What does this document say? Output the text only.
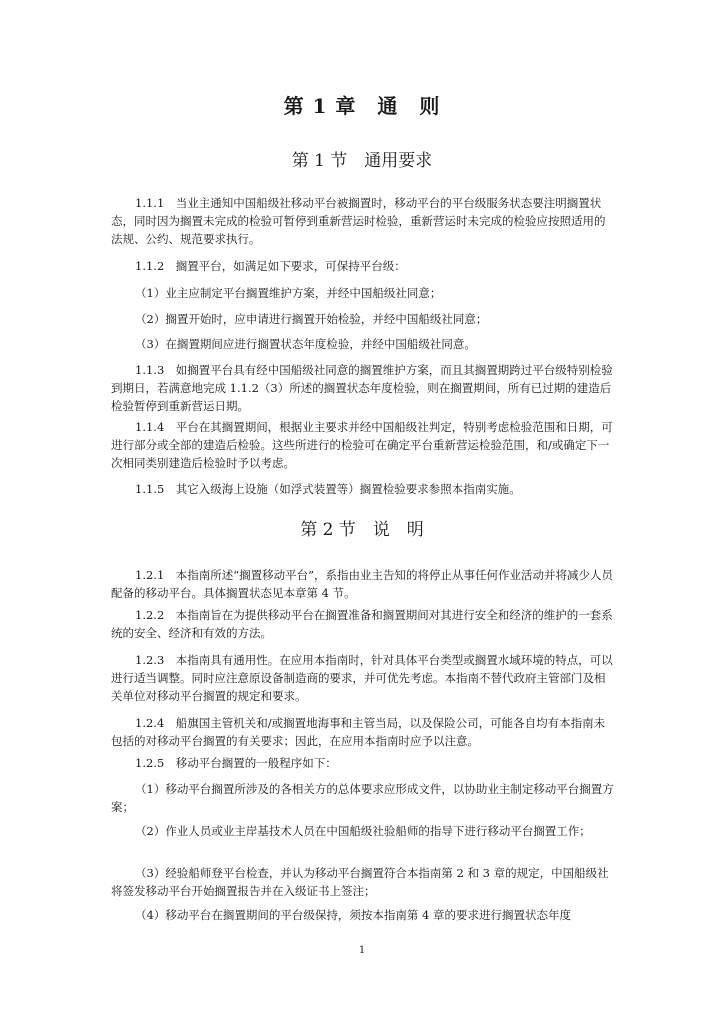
第 1 章　通　则
第 1 节　通用要求

1.1.1　当业主通知中国船级社移动平台被搁置时，移动平台的平台级服务状态要注明搁置状态，同时因为搁置未完成的检验可暂停到重新营运时检验，重新营运时未完成的检验应按照适用的法规、公约、规范要求执行。

1.1.2　搁置平台，如满足如下要求，可保持平台级：

（1）业主应制定平台搁置维护方案，并经中国船级社同意；

（2）搁置开始时，应申请进行搁置开始检验，并经中国船级社同意；

（3）在搁置期间应进行搁置状态年度检验，并经中国船级社同意。

1.1.3　如搁置平台具有经中国船级社同意的搁置维护方案，而且其搁置期跨过平台级特别检验到期日，若满意地完成 1.1.2（3）所述的搁置状态年度检验，则在搁置期间，所有已过期的建造后检验暂停到重新营运日期。

1.1.4　平台在其搁置期间，根据业主要求并经中国船级社判定，特别考虑检验范围和日期，可进行部分或全部的建造后检验。这些所进行的检验可在确定平台重新营运检验范围，和/或确定下一次相同类别建造后检验时予以考虑。

1.1.5　其它入级海上设施（如浮式装置等）搁置检验要求参照本指南实施。

第 2 节　说　明

1.2.1　本指南所述“搁置移动平台”，系指由业主告知的将停止从事任何作业活动并将减少人员配备的移动平台。具体搁置状态见本章第 4 节。

1.2.2　本指南旨在为提供移动平台在搁置准备和搁置期间对其进行安全和经济的维护的一套系统的安全、经济和有效的方法。

1.2.3　本指南具有通用性。在应用本指南时，针对具体平台类型或搁置水域环境的特点，可以进行适当调整。同时应注意原设备制造商的要求，并可优先考虑。本指南不替代政府主管部门及相关单位对移动平台搁置的规定和要求。

1.2.4　船旗国主管机关和/或搁置地海事和主管当局，以及保险公司，可能各自均有本指南未包括的对移动平台搁置的有关要求；因此，在应用本指南时应予以注意。

1.2.5　移动平台搁置的一般程序如下：

（1）移动平台搁置所涉及的各相关方的总体要求应形成文件，以协助业主制定移动平台搁置方案；

（2）作业人员或业主岸基技术人员在中国船级社验船师的指导下进行移动平台搁置工作；

（3）经验船师登平台检查，并认为移动平台搁置符合本指南第 2 和 3 章的规定，中国船级社将签发移动平台开始搁置报告并在入级证书上签注；

（4）移动平台在搁置期间的平台级保持，须按本指南第 4 章的要求进行搁置状态年度

1
